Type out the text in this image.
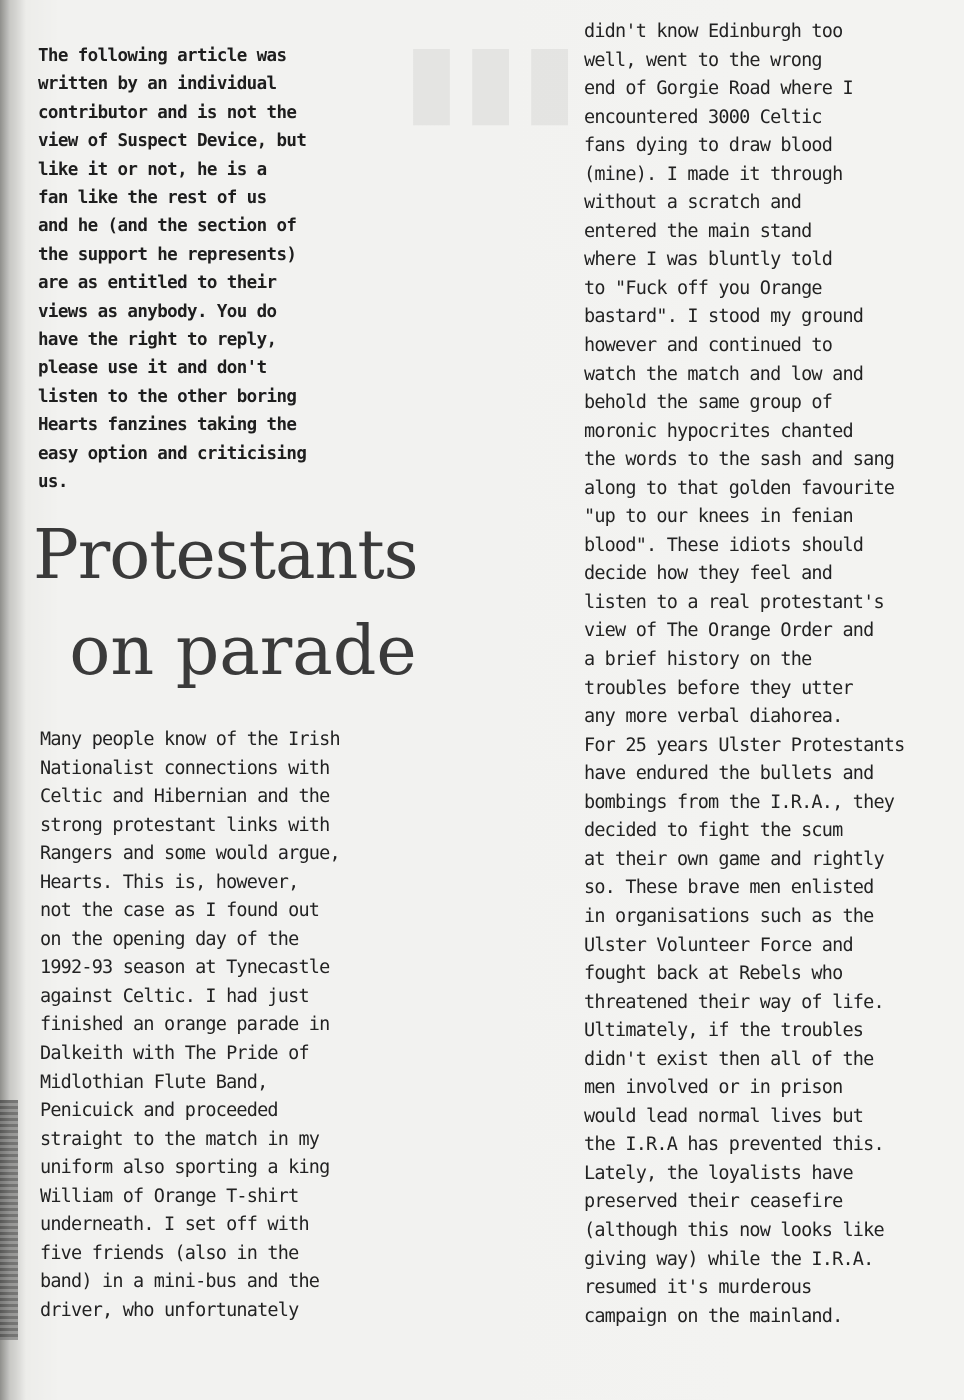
▮▮▮

The following article was
written by an individual
contributor and is not the
view of Suspect Device, but
like it or not, he is a
fan like the rest of us
and he (and the section of
the support he represents)
are as entitled to their
views as anybody. You do
have the right to reply,
please use it and don't
listen to the other boring
Hearts fanzines taking the
easy option and criticising
us.

Protestants
on parade

Many people know of the Irish
Nationalist connections with
Celtic and Hibernian and the
strong protestant links with
Rangers and some would argue,
Hearts. This is, however,
not the case as I found out
on the opening day of the
1992-93 season at Tynecastle
against Celtic. I had just
finished an orange parade in
Dalkeith with The Pride of
Midlothian Flute Band,
Penicuick and proceeded
straight to the match in my
uniform also sporting a king
William of Orange T-shirt
underneath. I set off with
five friends (also in the
band) in a mini-bus and the
driver, who unfortunately

didn't know Edinburgh too
well, went to the wrong
end of Gorgie Road where I
encountered 3000 Celtic
fans dying to draw blood
(mine). I made it through
without a scratch and
entered the main stand
where I was bluntly told
to "Fuck off you Orange
bastard". I stood my ground
however and continued to
watch the match and low and
behold the same group of
moronic hypocrites chanted
the words to the sash and sang
along to that golden favourite
"up to our knees in fenian
blood". These idiots should
decide how they feel and
listen to a real protestant's
view of The Orange Order and
a brief history on the
troubles before they utter
any more verbal diahorea.
For 25 years Ulster Protestants
have endured the bullets and
bombings from the I.R.A., they
decided to fight the scum
at their own game and rightly
so. These brave men enlisted
in organisations such as the
Ulster Volunteer Force and
fought back at Rebels who
threatened their way of life.
Ultimately, if the troubles
didn't exist then all of the
men involved or in prison
would lead normal lives but
the I.R.A has prevented this.
Lately, the loyalists have
preserved their ceasefire
(although this now looks like
giving way) while the I.R.A.
resumed it's murderous
campaign on the mainland.
